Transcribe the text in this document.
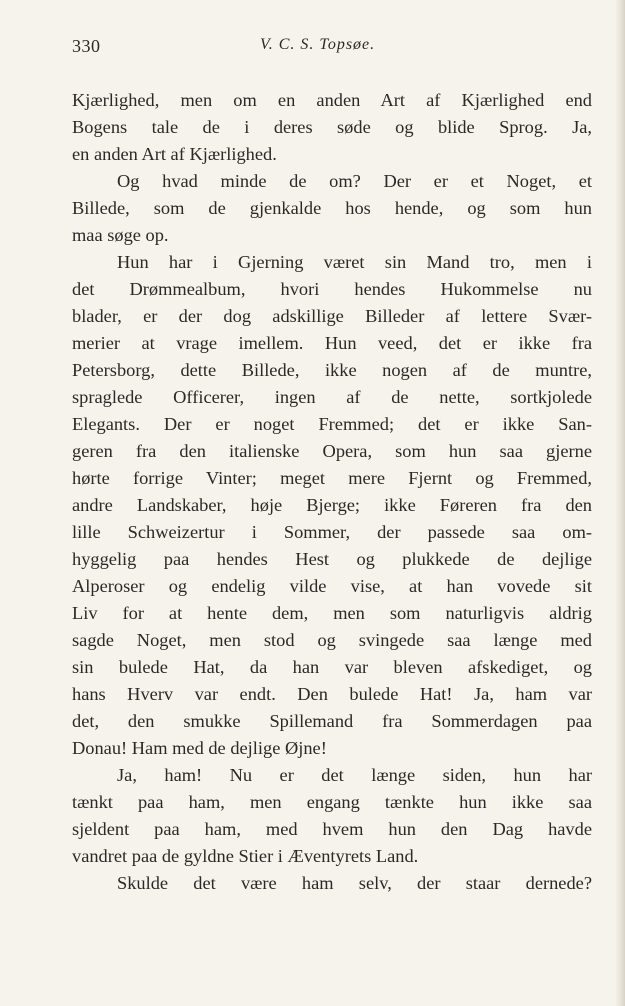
330	V. C. S. Topsøe.
Kjærlighed, men om en anden Art af Kjærlighed end
Bogens tale de i deres søde og blide Sprog. Ja,
en anden Art af Kjærlighed.
Og hvad minde de om? Der er et Noget, et
Billede, som de gjenkalde hos hende, og som hun
maa søge op.
Hun har i Gjerning været sin Mand tro, men i
det Drømmealbum, hvori hendes Hukommelse nu
blader, er der dog adskillige Billeder af lettere Svær-
merier at vrage imellem. Hun veed, det er ikke fra
Petersborg, dette Billede, ikke nogen af de muntre,
spraglede Officerer, ingen af de nette, sortkjolede
Elegants. Der er noget Fremmed; det er ikke San-
geren fra den italienske Opera, som hun saa gjerne
hørte forrige Vinter; meget mere Fjernt og Fremmed,
andre Landskaber, høje Bjerge; ikke Føreren fra den
lille Schweizertur i Sommer, der passede saa om-
hyggelig paa hendes Hest og plukkede de dejlige
Alperoser og endelig vilde vise, at han vovede sit
Liv for at hente dem, men som naturligvis aldrig
sagde Noget, men stod og svingede saa længe med
sin bulede Hat, da han var bleven afskediget, og
hans Hverv var endt. Den bulede Hat! Ja, ham var
det, den smukke Spillemand fra Sommerdagen paa
Donau! Ham med de dejlige Øjne!
Ja, ham! Nu er det længe siden, hun har
tænkt paa ham, men engang tænkte hun ikke saa
sjeldent paa ham, med hvem hun den Dag havde
vandret paa de gyldne Stier i Æventyrets Land.
Skulde det være ham selv, der staar dernede?
